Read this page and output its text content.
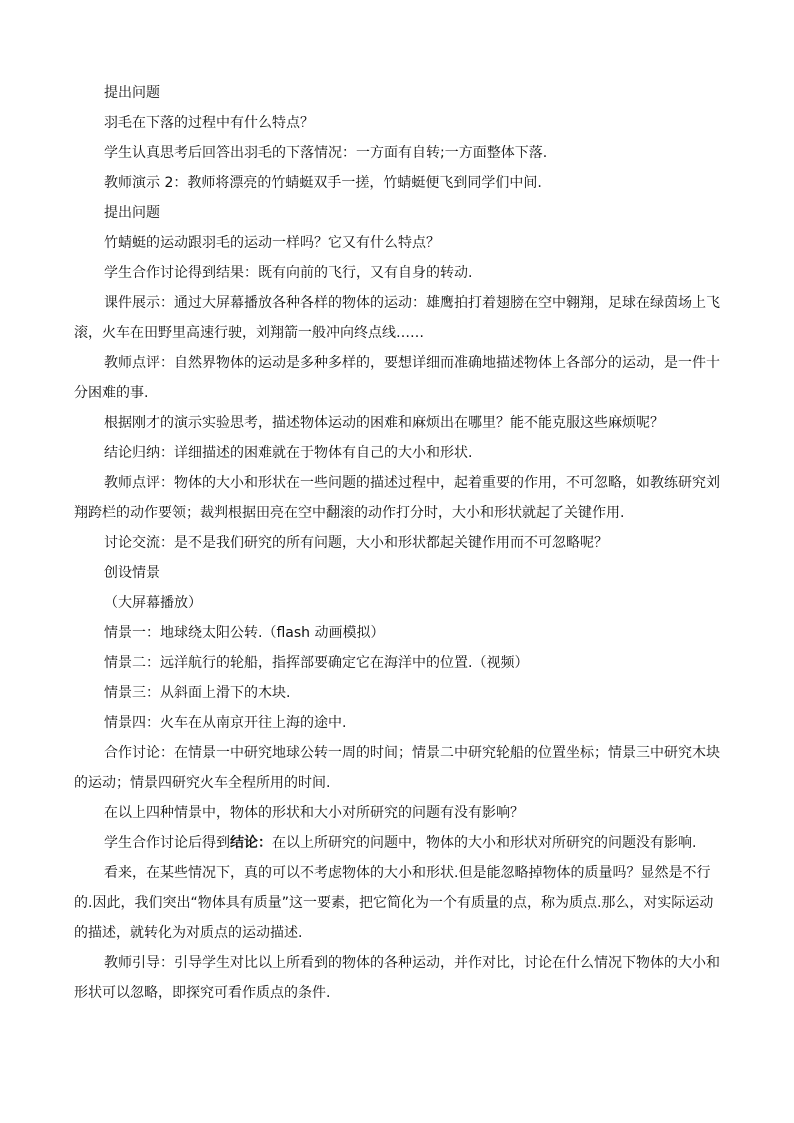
提出问题

羽毛在下落的过程中有什么特点？

学生认真思考后回答出羽毛的下落情况：一方面有自转;一方面整体下落.

教师演示 2：教师将漂亮的竹蜻蜓双手一搓，竹蜻蜓便飞到同学们中间.

提出问题

竹蜻蜓的运动跟羽毛的运动一样吗？它又有什么特点？

学生合作讨论得到结果：既有向前的飞行，又有自身的转动.

课件展示：通过大屏幕播放各种各样的物体的运动：雄鹰拍打着翅膀在空中翱翔，足球在绿茵场上飞滚，火车在田野里高速行驶，刘翔箭一般冲向终点线……

教师点评：自然界物体的运动是多种多样的，要想详细而准确地描述物体上各部分的运动，是一件十分困难的事.

根据刚才的演示实验思考，描述物体运动的困难和麻烦出在哪里？能不能克服这些麻烦呢？

结论归纳：详细描述的困难就在于物体有自己的大小和形状.

教师点评：物体的大小和形状在一些问题的描述过程中，起着重要的作用，不可忽略，如教练研究刘翔跨栏的动作要领；裁判根据田亮在空中翻滚的动作打分时，大小和形状就起了关键作用.

讨论交流：是不是我们研究的所有问题，大小和形状都起关键作用而不可忽略呢？

创设情景

（大屏幕播放）

情景一：地球绕太阳公转.（flash 动画模拟）

情景二：远洋航行的轮船，指挥部要确定它在海洋中的位置.（视频）

情景三：从斜面上滑下的木块.

情景四：火车在从南京开往上海的途中.

合作讨论：在情景一中研究地球公转一周的时间；情景二中研究轮船的位置坐标；情景三中研究木块的运动；情景四研究火车全程所用的时间.

在以上四种情景中，物体的形状和大小对所研究的问题有没有影响？

学生合作讨论后得到结论：在以上所研究的问题中，物体的大小和形状对所研究的问题没有影响.

看来，在某些情况下，真的可以不考虑物体的大小和形状.但是能忽略掉物体的质量吗？显然是不行的.因此，我们突出“物体具有质量”这一要素，把它简化为一个有质量的点，称为质点.那么，对实际运动的描述，就转化为对质点的运动描述.

教师引导：引导学生对比以上所看到的物体的各种运动，并作对比，讨论在什么情况下物体的大小和形状可以忽略，即探究可看作质点的条件.
